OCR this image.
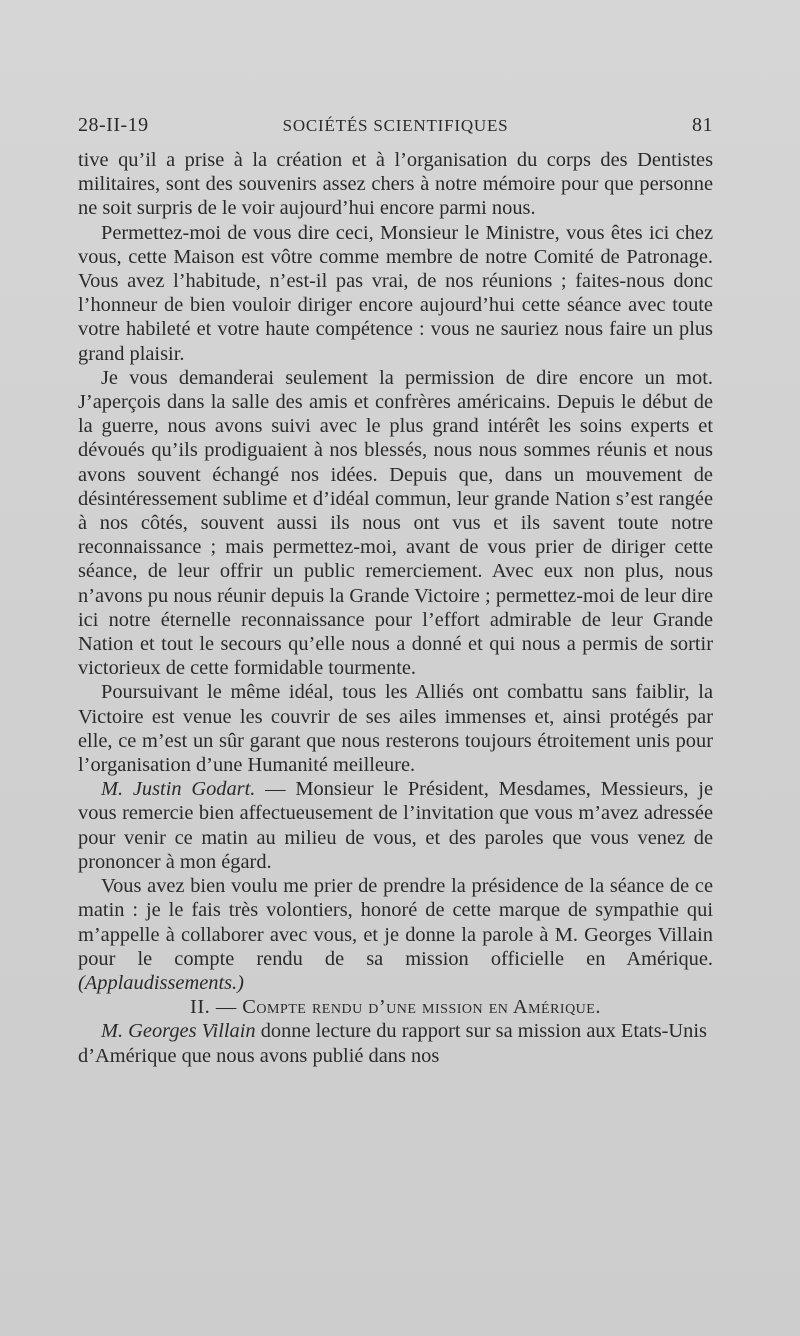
28-II-19	SOCIÉTÉS SCIENTIFIQUES	81

tive qu’il a prise à la création et à l’organisation du corps des Dentistes militaires, sont des souvenirs assez chers à notre mémoire pour que personne ne soit surpris de le voir aujourd’hui encore parmi nous.

Permettez-moi de vous dire ceci, Monsieur le Ministre, vous êtes ici chez vous, cette Maison est vôtre comme membre de notre Comité de Patronage. Vous avez l’habitude, n’est-il pas vrai, de nos réunions ; faites-nous donc l’honneur de bien vouloir diriger encore aujourd’hui cette séance avec toute votre habileté et votre haute compétence : vous ne sauriez nous faire un plus grand plaisir.

Je vous demanderai seulement la permission de dire encore un mot. J’aperçois dans la salle des amis et confrères américains. Depuis le début de la guerre, nous avons suivi avec le plus grand intérêt les soins experts et dévoués qu’ils prodiguaient à nos blessés, nous nous sommes réunis et nous avons souvent échangé nos idées. Depuis que, dans un mouvement de désintéressement sublime et d’idéal commun, leur grande Nation s’est rangée à nos côtés, souvent aussi ils nous ont vus et ils savent toute notre reconnaissance ; mais permettez-moi, avant de vous prier de diriger cette séance, de leur offrir un public remerciement. Avec eux non plus, nous n’avons pu nous réunir depuis la Grande Victoire ; permettez-moi de leur dire ici notre éternelle reconnaissance pour l’effort admirable de leur Grande Nation et tout le secours qu’elle nous a donné et qui nous a permis de sortir victorieux de cette formidable tourmente.

Poursuivant le même idéal, tous les Alliés ont combattu sans faiblir, la Victoire est venue les couvrir de ses ailes immenses et, ainsi protégés par elle, ce m’est un sûr garant que nous resterons toujours étroitement unis pour l’organisation d’une Humanité meilleure.

M. Justin Godart. — Monsieur le Président, Mesdames, Messieurs, je vous remercie bien affectueusement de l’invitation que vous m’avez adressée pour venir ce matin au milieu de vous, et des paroles que vous venez de prononcer à mon égard.

Vous avez bien voulu me prier de prendre la présidence de la séance de ce matin : je le fais très volontiers, honoré de cette marque de sympathie qui m’appelle à collaborer avec vous, et je donne la parole à M. Georges Villain pour le compte rendu de sa mission officielle en Amérique. (Applaudissements.)

II. — Compte rendu d’une mission en Amérique.

M. Georges Villain donne lecture du rapport sur sa mission aux Etats-Unis d’Amérique que nous avons publié dans nos
